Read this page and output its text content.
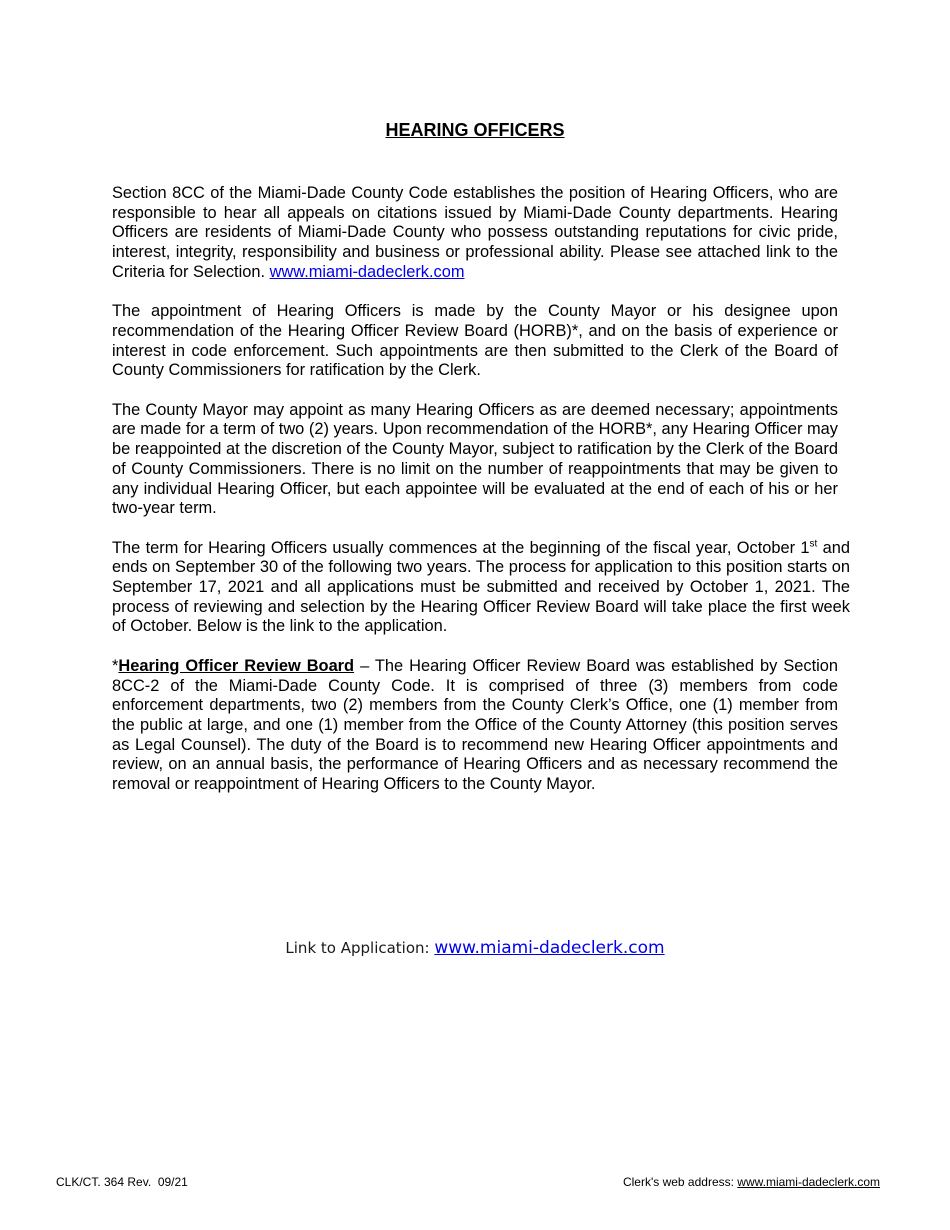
HEARING OFFICERS

Section 8CC of the Miami-Dade County Code establishes the position of Hearing Officers, who are responsible to hear all appeals on citations issued by Miami-Dade County departments. Hearing Officers are residents of Miami-Dade County who possess outstanding reputations for civic pride, interest, integrity, responsibility and business or professional ability. Please see attached link to the Criteria for Selection. www.miami-dadeclerk.com

The appointment of Hearing Officers is made by the County Mayor or his designee upon recommendation of the Hearing Officer Review Board (HORB)*, and on the basis of experience or interest in code enforcement. Such appointments are then submitted to the Clerk of the Board of County Commissioners for ratification by the Clerk.

The County Mayor may appoint as many Hearing Officers as are deemed necessary; appointments are made for a term of two (2) years. Upon recommendation of the HORB*, any Hearing Officer may be reappointed at the discretion of the County Mayor, subject to ratification by the Clerk of the Board of County Commissioners. There is no limit on the number of reappointments that may be given to any individual Hearing Officer, but each appointee will be evaluated at the end of each of his or her two-year term.

The term for Hearing Officers usually commences at the beginning of the fiscal year, October 1st and ends on September 30 of the following two years. The process for application to this position starts on September 17, 2021 and all applications must be submitted and received by October 1, 2021. The process of reviewing and selection by the Hearing Officer Review Board will take place the first week of October. Below is the link to the application.

*Hearing Officer Review Board – The Hearing Officer Review Board was established by Section 8CC-2 of the Miami-Dade County Code. It is comprised of three (3) members from code enforcement departments, two (2) members from the County Clerk’s Office, one (1) member from the public at large, and one (1) member from the Office of the County Attorney (this position serves as Legal Counsel). The duty of the Board is to recommend new Hearing Officer appointments and review, on an annual basis, the performance of Hearing Officers and as necessary recommend the removal or reappointment of Hearing Officers to the County Mayor.

Link to Application: www.miami-dadeclerk.com
CLK/CT. 364 Rev.  09/21	Clerk's web address: www.miami-dadeclerk.com
